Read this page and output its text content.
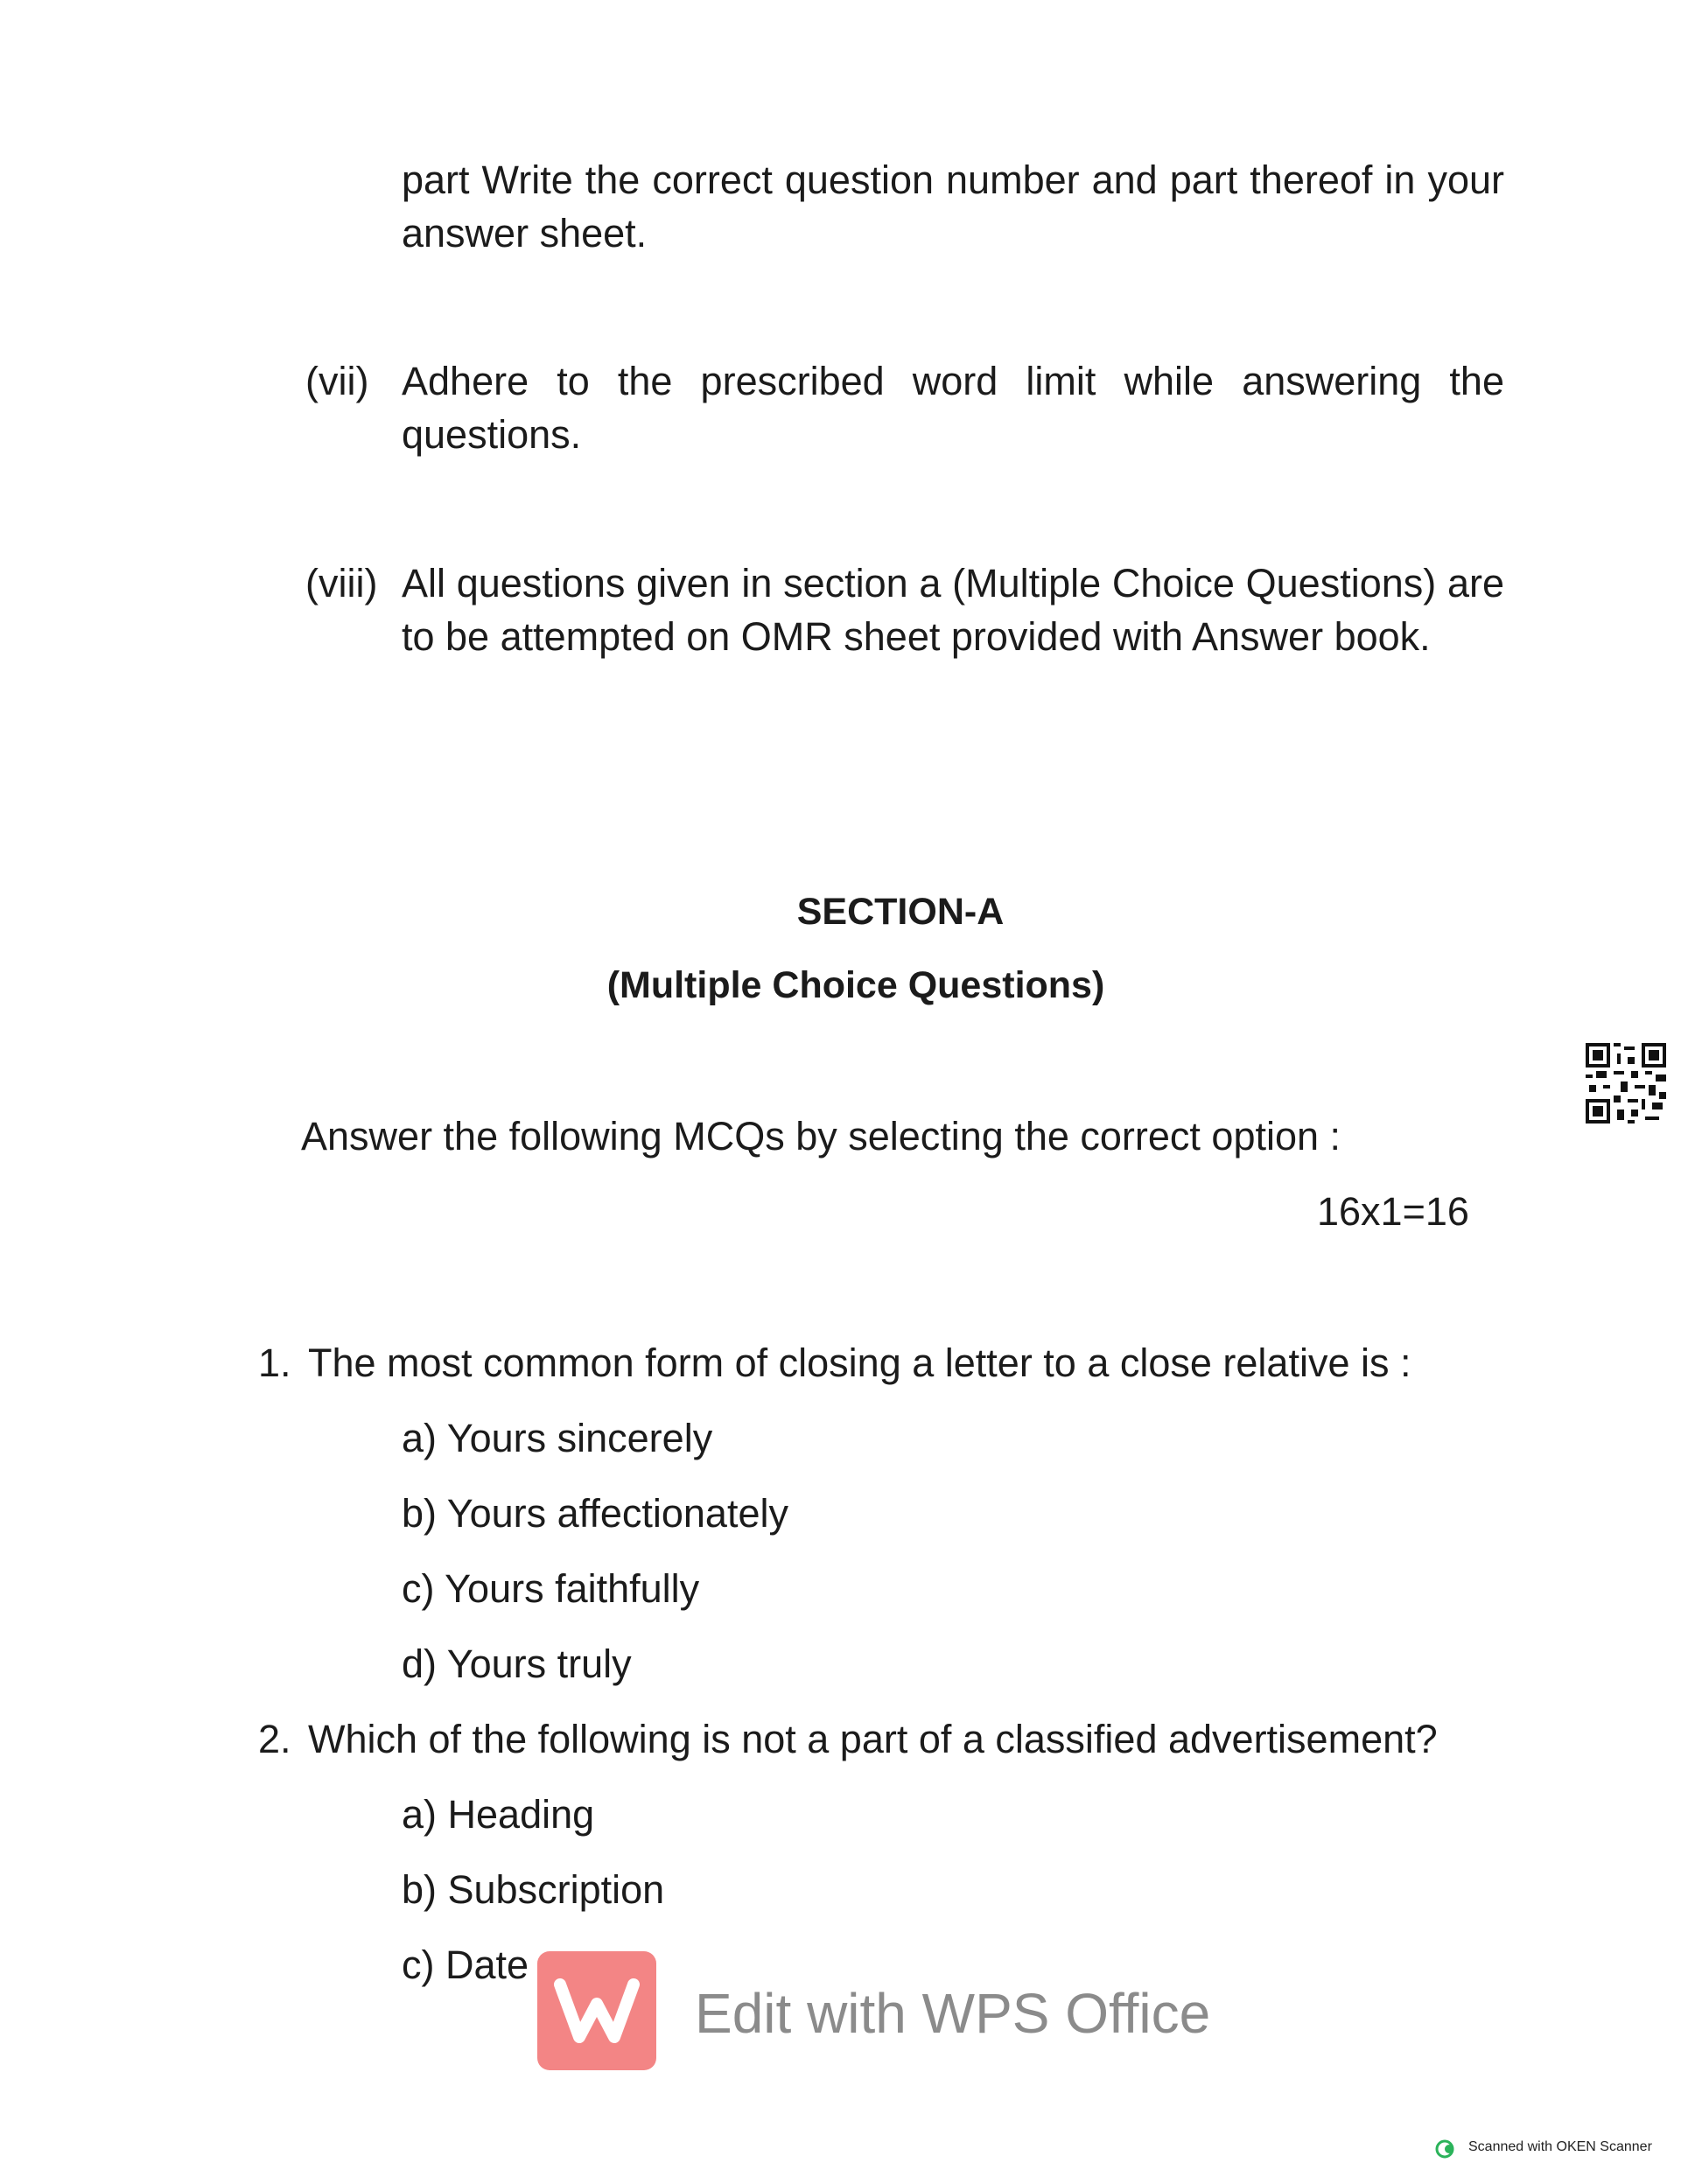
part Write the correct question number and part thereof in your answer sheet.
(vii) Adhere to the prescribed word limit while answering the questions.
(viii) All questions given in section a (Multiple Choice Questions) are to be attempted on OMR sheet provided with Answer book.
SECTION-A
(Multiple Choice Questions)
Answer the following MCQs by selecting the correct option :
16x1=16
1. The most common form of closing a letter to a close relative is :
a) Yours sincerely
b) Yours affectionately
c) Yours faithfully
d) Yours truly
2. Which of the following is not a part of a classified advertisement?
a) Heading
b) Subscription
c) Date
Edit with WPS Office
Scanned with OKEN Scanner
